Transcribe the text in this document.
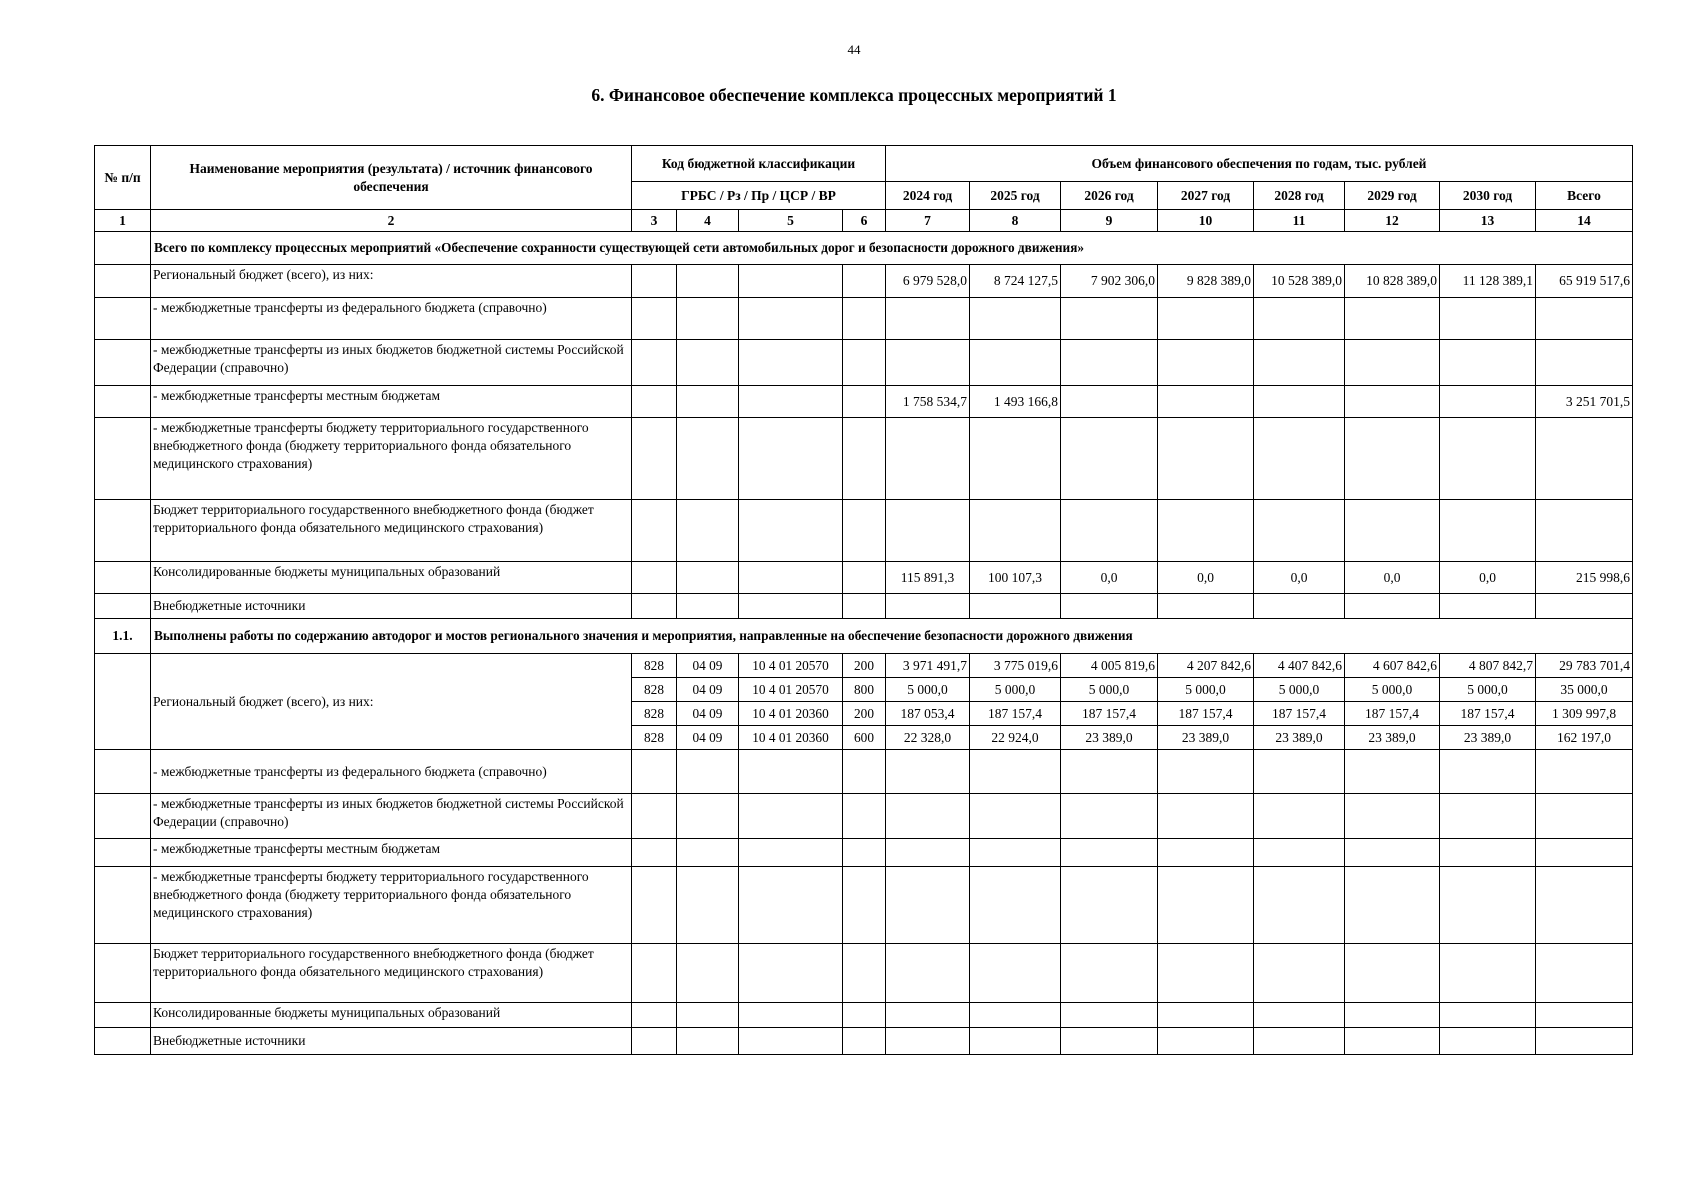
44
6. Финансовое обеспечение комплекса процессных мероприятий 1
№ п/п	Наименование мероприятия (результата) / источник финансового обеспечения	Код бюджетной классификации				Объем финансового обеспечения по годам, тыс. рублей							
		ГРБС / Рз / Пр / ЦСР / ВР				2024 год	2025 год	2026 год	2027 год	2028 год	2029 год	2030 год	Всего
1	2	3	4	5	6	7	8	9	10	11	12	13	14
	Всего по комплексу процессных мероприятий «Обеспечение сохранности существующей сети автомобильных дорог и безопасности дорожного движения»												
	Региональный бюджет (всего), из них:					6 979 528,0	8 724 127,5	7 902 306,0	9 828 389,0	10 528 389,0	10 828 389,0	11 128 389,1	65 919 517,6
	- межбюджетные трансферты из федерального бюджета (справочно)												
	- межбюджетные трансферты из иных бюджетов бюджетной системы Российской Федерации (справочно)												
	- межбюджетные трансферты местным бюджетам					1 758 534,7	1 493 166,8						3 251 701,5
	- межбюджетные трансферты бюджету территориального государственного внебюджетного фонда (бюджету территориального фонда обязательного медицинского страхования)												
	Бюджет территориального государственного внебюджетного фонда (бюджет территориального фонда обязательного медицинского страхования)												
	Консолидированные бюджеты муниципальных образований					115 891,3	100 107,3	0,0	0,0	0,0	0,0	0,0	215 998,6
	Внебюджетные источники												
1.1.	Выполнены работы по содержанию автодорог и мостов регионального значения и мероприятия, направленные на обеспечение безопасности дорожного движения												
	Региональный бюджет (всего), из них:	828	04 09	10 4 01 20570	200	3 971 491,7	3 775 019,6	4 005 819,6	4 207 842,6	4 407 842,6	4 607 842,6	4 807 842,7	29 783 701,4
		828	04 09	10 4 01 20570	800	5 000,0	5 000,0	5 000,0	5 000,0	5 000,0	5 000,0	5 000,0	35 000,0
		828	04 09	10 4 01 20360	200	187 053,4	187 157,4	187 157,4	187 157,4	187 157,4	187 157,4	187 157,4	1 309 997,8
		828	04 09	10 4 01 20360	600	22 328,0	22 924,0	23 389,0	23 389,0	23 389,0	23 389,0	23 389,0	162 197,0
	- межбюджетные трансферты из федерального бюджета (справочно)												
	- межбюджетные трансферты из иных бюджетов бюджетной системы Российской Федерации (справочно)												
	- межбюджетные трансферты местным бюджетам												
	- межбюджетные трансферты бюджету территориального государственного внебюджетного фонда (бюджету территориального фонда обязательного медицинского страхования)												
	Бюджет территориального государственного внебюджетного фонда (бюджет территориального фонда обязательного медицинского страхования)												
	Консолидированные бюджеты муниципальных образований												
	Внебюджетные источники												
